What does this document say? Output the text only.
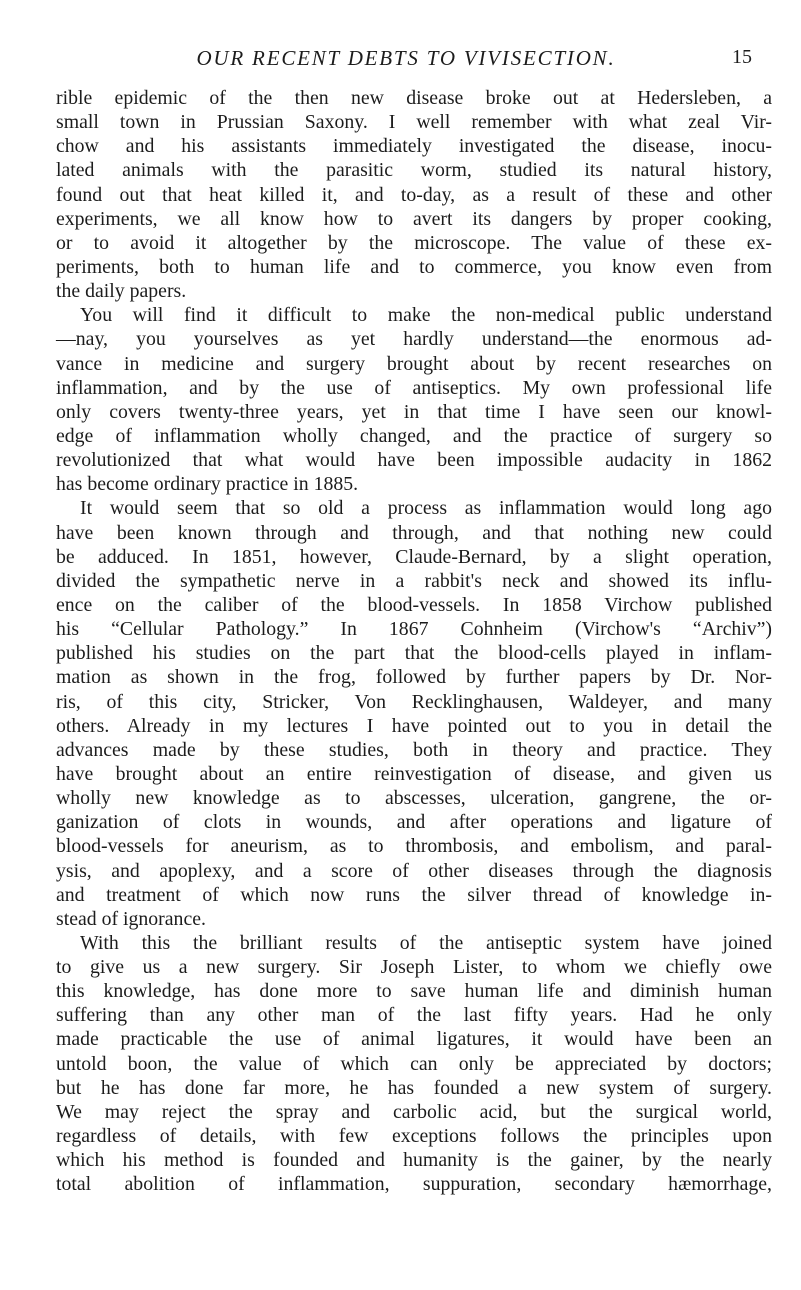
OUR RECENT DEBTS TO VIVISECTION.	15
rible epidemic of the then new disease broke out at Hedersleben, a
small town in Prussian Saxony. I well remember with what zeal Vir-
chow and his assistants immediately investigated the disease, inocu-
lated animals with the parasitic worm, studied its natural history,
found out that heat killed it, and to-day, as a result of these and other
experiments, we all know how to avert its dangers by proper cooking,
or to avoid it altogether by the microscope. The value of these ex-
periments, both to human life and to commerce, you know even from
the daily papers.
You will find it difficult to make the non-medical public understand
—nay, you yourselves as yet hardly understand—the enormous ad-
vance in medicine and surgery brought about by recent researches on
inflammation, and by the use of antiseptics. My own professional life
only covers twenty-three years, yet in that time I have seen our knowl-
edge of inflammation wholly changed, and the practice of surgery so
revolutionized that what would have been impossible audacity in 1862
has become ordinary practice in 1885.
It would seem that so old a process as inflammation would long ago
have been known through and through, and that nothing new could
be adduced. In 1851, however, Claude-Bernard, by a slight operation,
divided the sympathetic nerve in a rabbit's neck and showed its influ-
ence on the caliber of the blood-vessels. In 1858 Virchow published
his “Cellular Pathology.” In 1867 Cohnheim (Virchow's “Archiv”)
published his studies on the part that the blood-cells played in inflam-
mation as shown in the frog, followed by further papers by Dr. Nor-
ris, of this city, Stricker, Von Recklinghausen, Waldeyer, and many
others. Already in my lectures I have pointed out to you in detail the
advances made by these studies, both in theory and practice. They
have brought about an entire reinvestigation of disease, and given us
wholly new knowledge as to abscesses, ulceration, gangrene, the or-
ganization of clots in wounds, and after operations and ligature of
blood-vessels for aneurism, as to thrombosis, and embolism, and paral-
ysis, and apoplexy, and a score of other diseases through the diagnosis
and treatment of which now runs the silver thread of knowledge in-
stead of ignorance.
With this the brilliant results of the antiseptic system have joined
to give us a new surgery. Sir Joseph Lister, to whom we chiefly owe
this knowledge, has done more to save human life and diminish human
suffering than any other man of the last fifty years. Had he only
made practicable the use of animal ligatures, it would have been an
untold boon, the value of which can only be appreciated by doctors;
but he has done far more, he has founded a new system of surgery.
We may reject the spray and carbolic acid, but the surgical world,
regardless of details, with few exceptions follows the principles upon
which his method is founded and humanity is the gainer, by the nearly
total abolition of inflammation, suppuration, secondary hæmorrhage,
